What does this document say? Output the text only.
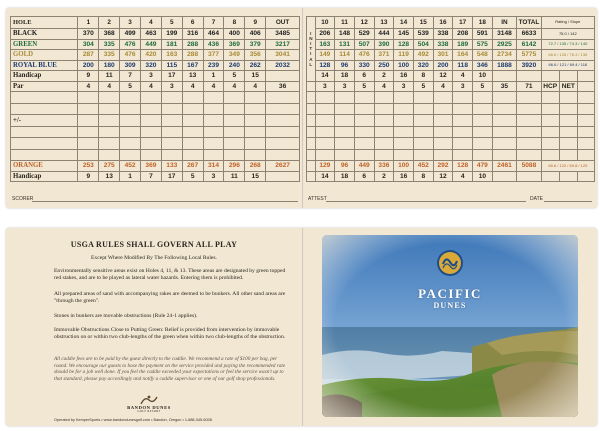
HOLE	1	2	3	4	5	6	7	8	9	OUT
BLACK	370	368	499	463	199	316	464	400	406	3485
GREEN	304	335	476	449	181	288	436	369	379	3217
GOLD	287	335	476	420	163	288	377	349	356	3041
ROYAL BLUE	200	180	309	320	115	167	239	240	262	2032
Handicap	9	11	7	3	17	13	1	5	15	
Par	4	4	5	4	3	4	4	4	4	36

+/-										

ORANGE	253	275	452	369	133	267	314	296	268	2627
Handicap	9	13	1	7	17	5	3	11	15	
SCORER
INITIAL	10	11	12	13	14	15	16	17	18	IN	TOTAL	Rating / Slope		
	206	148	529	444	145	539	338	208	591	3148	6633	75.0 / 142		
	163	131	507	390	128	504	338	189	575	2925	6142	72.7 / 135 / 74.3 / 140		
	149	114	476	371	119	492	301	164	548	2734	5775	68.6 / 128 / 76.3 / 138		
	128	96	330	250	100	320	200	118	346	1888	3920	66.6 / 121 / 69.4 / 116		
	14	18	6	2	16	8	12	4	10					
	3	3	5	4	3	5	4	3	5	35	71	HCP	NET	

	129	96	449	336	100	452	292	128	479	2461	5088	65.6 / 122 / 69.8 / 125		
	14	18	6	2	16	8	12	4	10					
ATTEST	DATE
USGA RULES SHALL GOVERN ALL PLAY
Except Where Modified By The Following Local Rules.
Environmentally sensitive areas exist on Holes 4, 11, & 13. These areas are designated by green topped red stakes, and are to be played as lateral water hazards. Entering them is prohibited.
All prepared areas of sand with accompanying rakes are deemed to be bunkers. All other sand areas are "through the green".
Stones in bunkers are movable obstructions (Rule 24-1 applies).
Immovable Obstructions Close to Putting Green: Relief is provided from intervention by immovable obstruction on or within two club-lengths of the green when within two club-lengths of the obstruction.
All caddie fees are to be paid by the guest directly to the caddie. We recommend a rate of $100 per bag, per round. We encourage our guests to base the payment on the service provided and paying the recommended rate should be for a job well done. If you feel the caddie exceeded your expectations or feel the service wasn't up to that standard, please pay accordingly and notify a caddie supervisor or one of our golf shop professionals.
BANDON DUNES
GOLF RESORT
Operated by KemperSports • www.bandondunesgolf.com • Bandon, Oregon • 1-888-345-6008
PACIFIC
DUNES
